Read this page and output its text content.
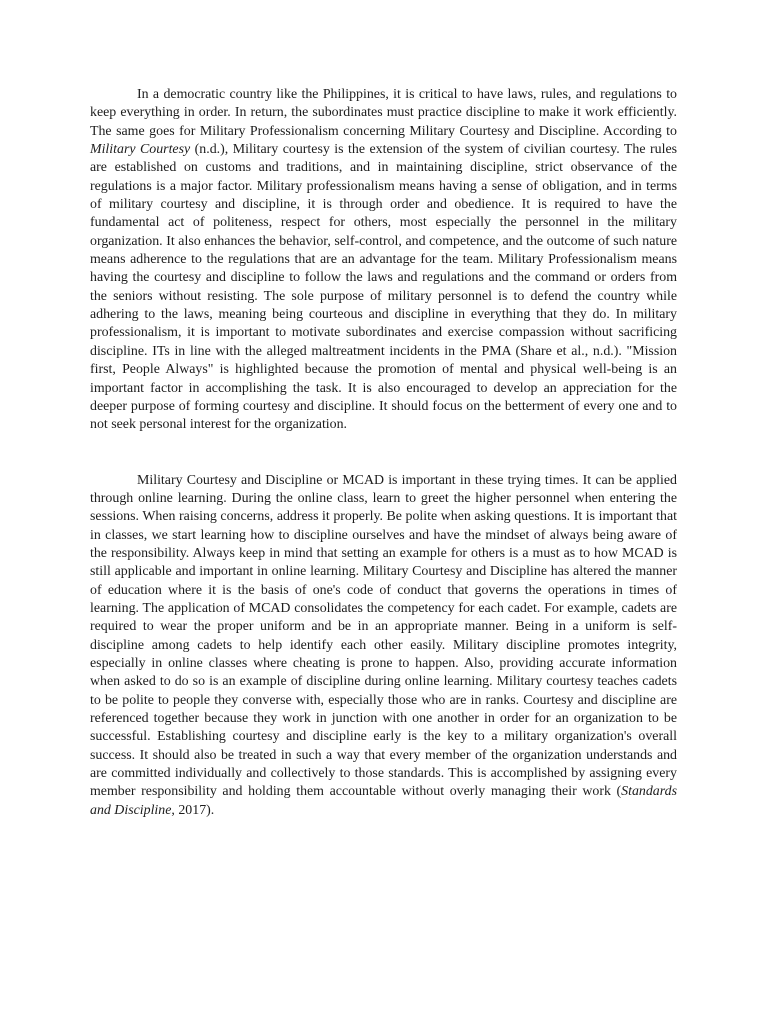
In a democratic country like the Philippines, it is critical to have laws, rules, and regulations to keep everything in order. In return, the subordinates must practice discipline to make it work efficiently. The same goes for Military Professionalism concerning Military Courtesy and Discipline. According to Military Courtesy (n.d.), Military courtesy is the extension of the system of civilian courtesy. The rules are established on customs and traditions, and in maintaining discipline, strict observance of the regulations is a major factor. Military professionalism means having a sense of obligation, and in terms of military courtesy and discipline, it is through order and obedience. It is required to have the fundamental act of politeness, respect for others, most especially the personnel in the military organization. It also enhances the behavior, self-control, and competence, and the outcome of such nature means adherence to the regulations that are an advantage for the team. Military Professionalism means having the courtesy and discipline to follow the laws and regulations and the command or orders from the seniors without resisting. The sole purpose of military personnel is to defend the country while adhering to the laws, meaning being courteous and discipline in everything that they do. In military professionalism, it is important to motivate subordinates and exercise compassion without sacrificing discipline. ITs in line with the alleged maltreatment incidents in the PMA (Share et al., n.d.). "Mission first, People Always" is highlighted because the promotion of mental and physical well-being is an important factor in accomplishing the task. It is also encouraged to develop an appreciation for the deeper purpose of forming courtesy and discipline. It should focus on the betterment of every one and to not seek personal interest for the organization.

Military Courtesy and Discipline or MCAD is important in these trying times. It can be applied through online learning. During the online class, learn to greet the higher personnel when entering the sessions. When raising concerns, address it properly. Be polite when asking questions. It is important that in classes, we start learning how to discipline ourselves and have the mindset of always being aware of the responsibility. Always keep in mind that setting an example for others is a must as to how MCAD is still applicable and important in online learning. Military Courtesy and Discipline has altered the manner of education where it is the basis of one's code of conduct that governs the operations in times of learning. The application of MCAD consolidates the competency for each cadet. For example, cadets are required to wear the proper uniform and be in an appropriate manner. Being in a uniform is self-discipline among cadets to help identify each other easily. Military discipline promotes integrity, especially in online classes where cheating is prone to happen. Also, providing accurate information when asked to do so is an example of discipline during online learning. Military courtesy teaches cadets to be polite to people they converse with, especially those who are in ranks. Courtesy and discipline are referenced together because they work in junction with one another in order for an organization to be successful. Establishing courtesy and discipline early is the key to a military organization's overall success. It should also be treated in such a way that every member of the organization understands and are committed individually and collectively to those standards. This is accomplished by assigning every member responsibility and holding them accountable without overly managing their work (Standards and Discipline, 2017).
